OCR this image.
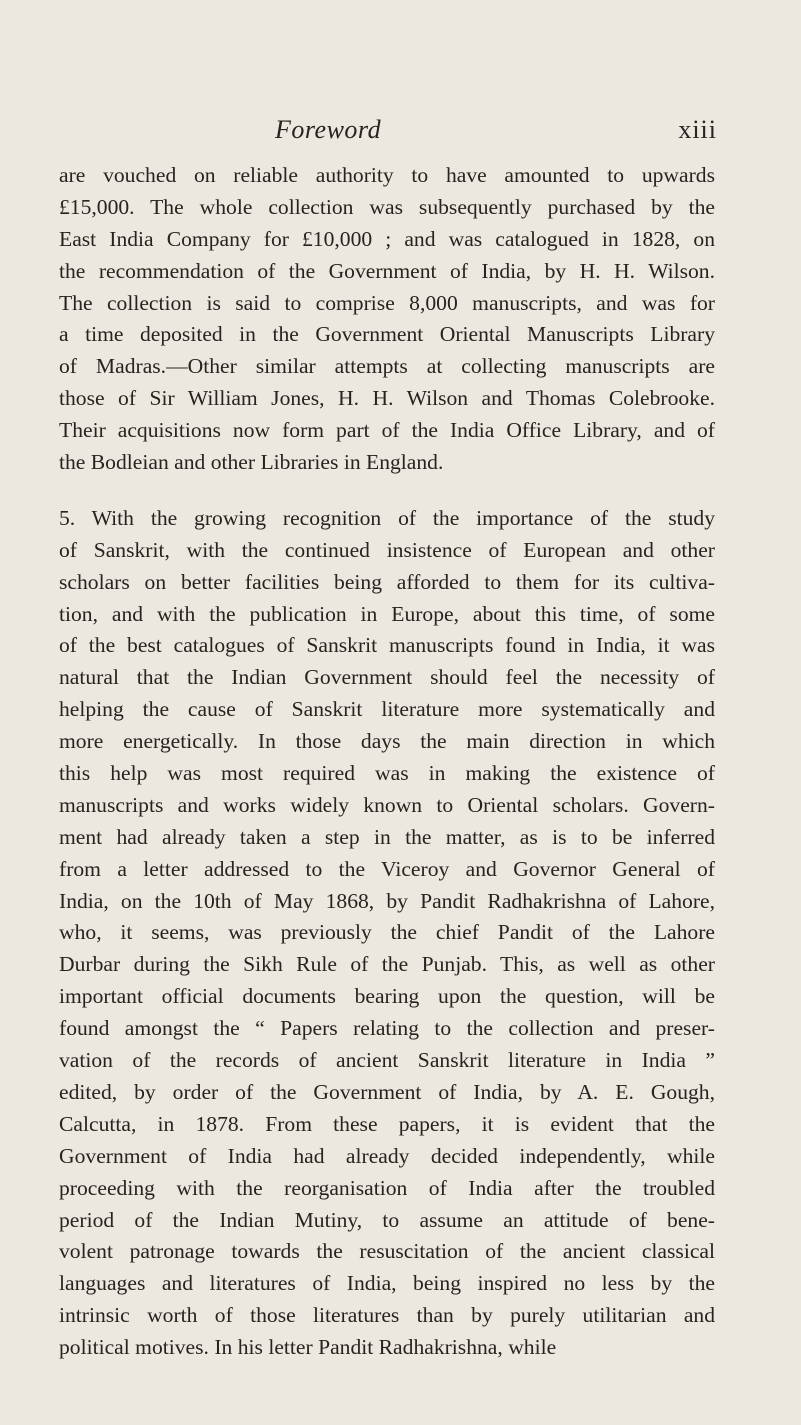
Foreword	xiii
are vouched on reliable authority to have amounted to upwards
£15,000. The whole collection was subsequently purchased by the
East India Company for £10,000 ; and was catalogued in 1828, on
the recommendation of the Government of India, by H. H. Wilson.
The collection is said to comprise 8,000 manuscripts, and was for
a time deposited in the Government Oriental Manuscripts Library
of Madras.—Other similar attempts at collecting manuscripts are
those of Sir William Jones, H. H. Wilson and Thomas Colebrooke.
Their acquisitions now form part of the India Office Library, and of
the Bodleian and other Libraries in England.
5. With the growing recognition of the importance of the study
of Sanskrit, with the continued insistence of European and other
scholars on better facilities being afforded to them for its cultiva-
tion, and with the publication in Europe, about this time, of some
of the best catalogues of Sanskrit manuscripts found in India, it was
natural that the Indian Government should feel the necessity of
helping the cause of Sanskrit literature more systematically and
more energetically. In those days the main direction in which
this help was most required was in making the existence of
manuscripts and works widely known to Oriental scholars. Govern-
ment had already taken a step in the matter, as is to be inferred
from a letter addressed to the Viceroy and Governor General of
India, on the 10th of May 1868, by Pandit Radhakrishna of Lahore,
who, it seems, was previously the chief Pandit of the Lahore
Durbar during the Sikh Rule of the Punjab. This, as well as other
important official documents bearing upon the question, will be
found amongst the “ Papers relating to the collection and preser-
vation of the records of ancient Sanskrit literature in India ”
edited, by order of the Government of India, by A. E. Gough,
Calcutta, in 1878. From these papers, it is evident that the
Government of India had already decided independently, while
proceeding with the reorganisation of India after the troubled
period of the Indian Mutiny, to assume an attitude of bene-
volent patronage towards the resuscitation of the ancient classical
languages and literatures of India, being inspired no less by the
intrinsic worth of those literatures than by purely utilitarian and
political motives. In his letter Pandit Radhakrishna, while
